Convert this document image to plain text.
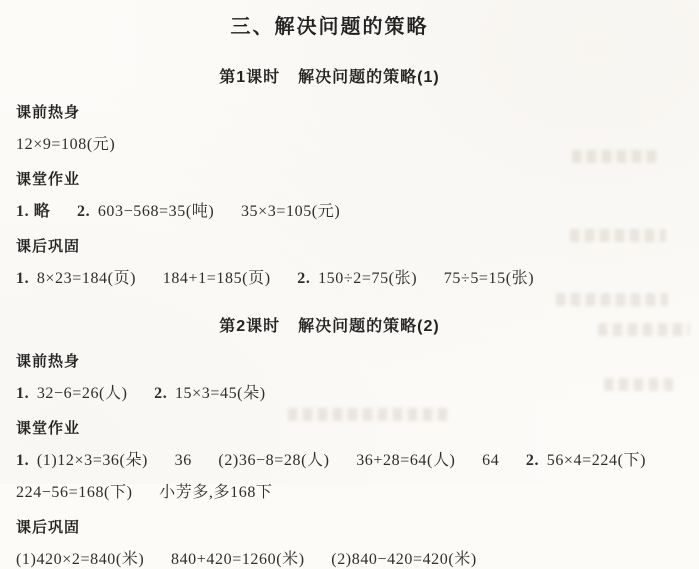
三、解决问题的策略
第1课时 解决问题的策略(1)
课前热身
12×9=108(元)
课堂作业
1. 略 2. 603−568=35(吨) 35×3=105(元)
课后巩固
1. 8×23=184(页) 184+1=185(页) 2. 150÷2=75(张) 75÷5=15(张)
第2课时 解决问题的策略(2)
课前热身
1. 32−6=26(人) 2. 15×3=45(朵)
课堂作业
1. (1)12×3=36(朵) 36 (2)36−8=28(人) 36+28=64(人) 64 2. 56×4=224(下)
224−56=168(下) 小芳多,多168下
课后巩固
(1)420×2=840(米) 840+420=1260(米) (2)840−420=420(米)
